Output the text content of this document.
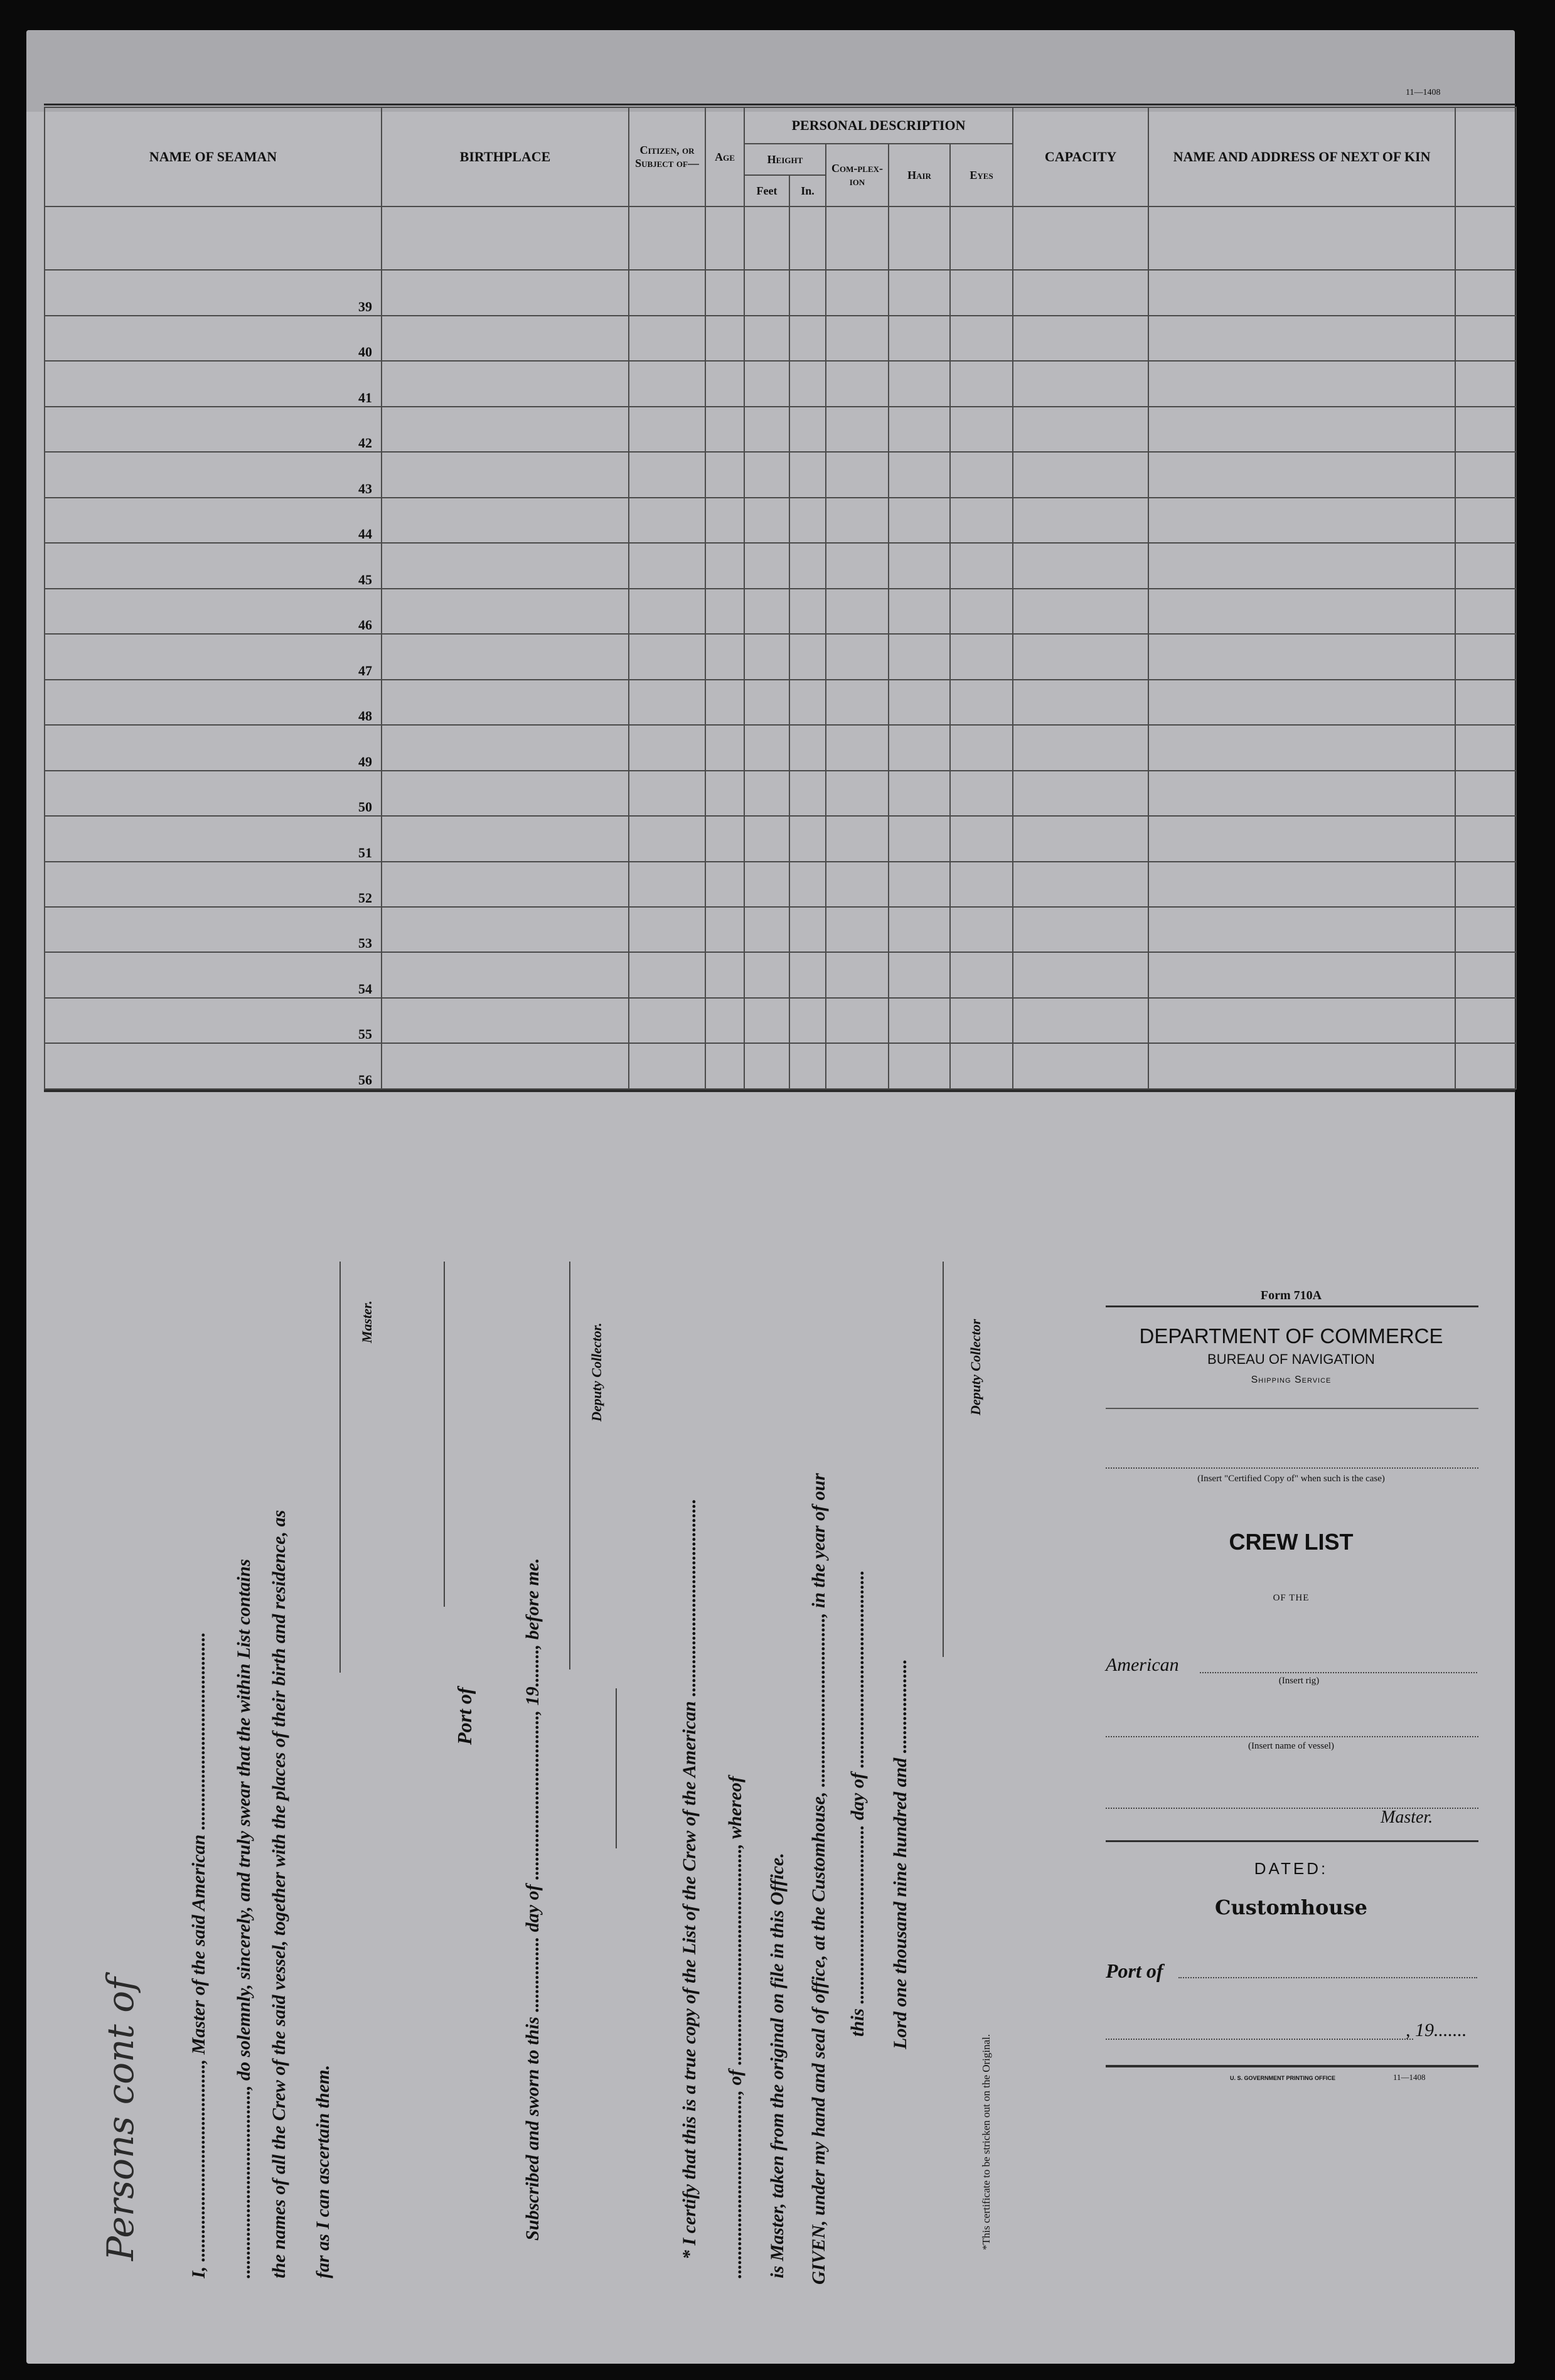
11—1408
NAME OF SEAMAN	BIRTHPLACE	Citizen, or Subject of—	Age	PERSONAL DESCRIPTION					CAPACITY	NAME AND ADDRESS OF NEXT OF KIN	
				Height		Com-plex-ion	Hair	Eyes			
				Feet	In.						

39											
40											
41											
42											
43											
44											
45											
46											
47											
48											
49											
50											
51											
52											
53											
54											
55											
56											
I, .........................................., Master of the said American .......................................... ........................................, do solemnly, sincerely, and truly swear that the within List contains the names of all the Crew of the said vessel, together with the places of their birth and residence, as far as I can ascertain them.
Master.
Port of Subscribed and sworn to this ................ day of ..................................., 19........, before me.
Deputy Collector.
* I certify that this is a true copy of the List of the Crew of the American .......................................... ......................................., of .............................................., whereof is Master, taken from the original on file in this Office. GIVEN, under my hand and seal of office, at the Customhouse, ...................................., in the year of our this ...................................... day of .......................................... Lord one thousand nine hundred and ....................
Deputy Collector
*This certificate to be stricken out on the Original.
Persons cont of
Form 710A
DEPARTMENT OF COMMERCE
BUREAU OF NAVIGATION
Shipping Service
(Insert "Certified Copy of" when such is the case)
CREW LIST
OF THE
American
(Insert rig)
(Insert name of vessel)
Master.
DATED:
Customhouse
Port of
, 19.......
U. S. GOVERNMENT PRINTING OFFICE	11—1408
